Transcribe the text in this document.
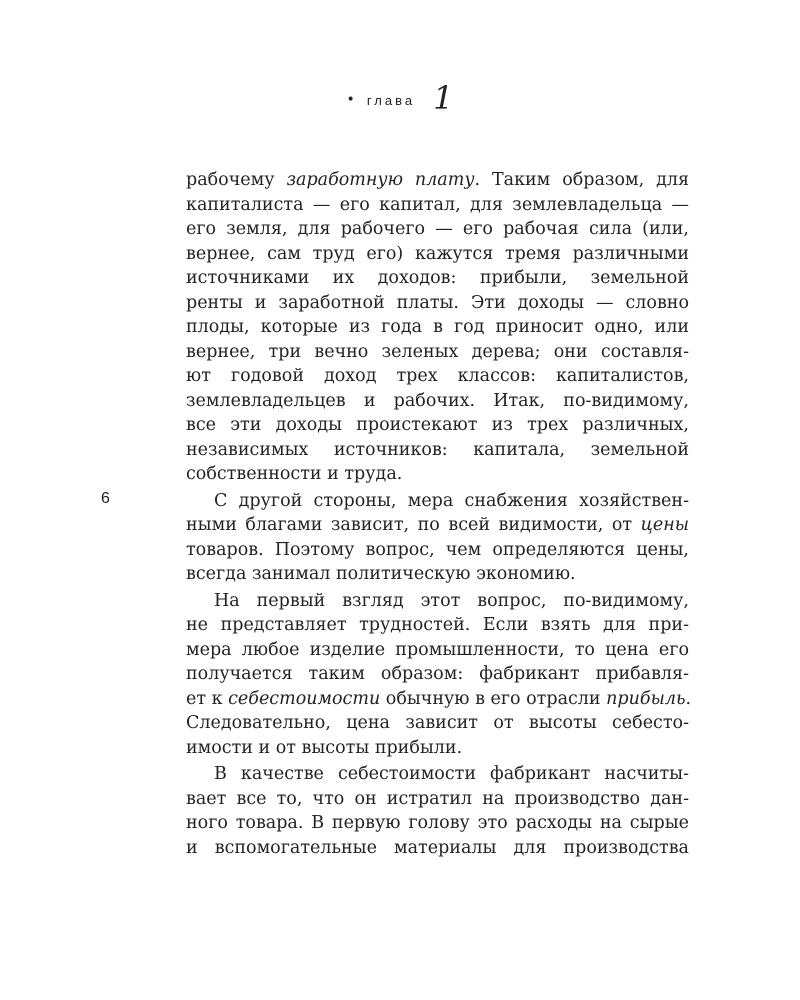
• глава 1
6
рабочему заработную плату. Таким образом, для
капиталиста — его капитал, для землевладельца —
его земля, для рабочего — его рабочая сила (или,
вернее, сам труд его) кажутся тремя различными
источниками их доходов: прибыли, земельной
ренты и заработной платы. Эти доходы — словно
плоды, которые из года в год приносит одно, или
вернее, три вечно зеленых дерева; они составля-
ют годовой доход трех классов: капиталистов,
землевладельцев и рабочих. Итак, по-видимому,
все эти доходы проистекают из трех различных,
независимых источников: капитала, земельной
собственности и труда.
С другой стороны, мера снабжения хозяйствен-
ными благами зависит, по всей видимости, от цены
товаров. Поэтому вопрос, чем определяются цены,
всегда занимал политическую экономию.
На первый взгляд этот вопрос, по-видимому,
не представляет трудностей. Если взять для при-
мера любое изделие промышленности, то цена его
получается таким образом: фабрикант прибавля-
ет к себестоимости обычную в его отрасли прибыль.
Следовательно, цена зависит от высоты себесто-
имости и от высоты прибыли.
В качестве себестоимости фабрикант насчиты-
вает все то, что он истратил на производство дан-
ного товара. В первую голову это расходы на сырые
и вспомогательные материалы для производства
